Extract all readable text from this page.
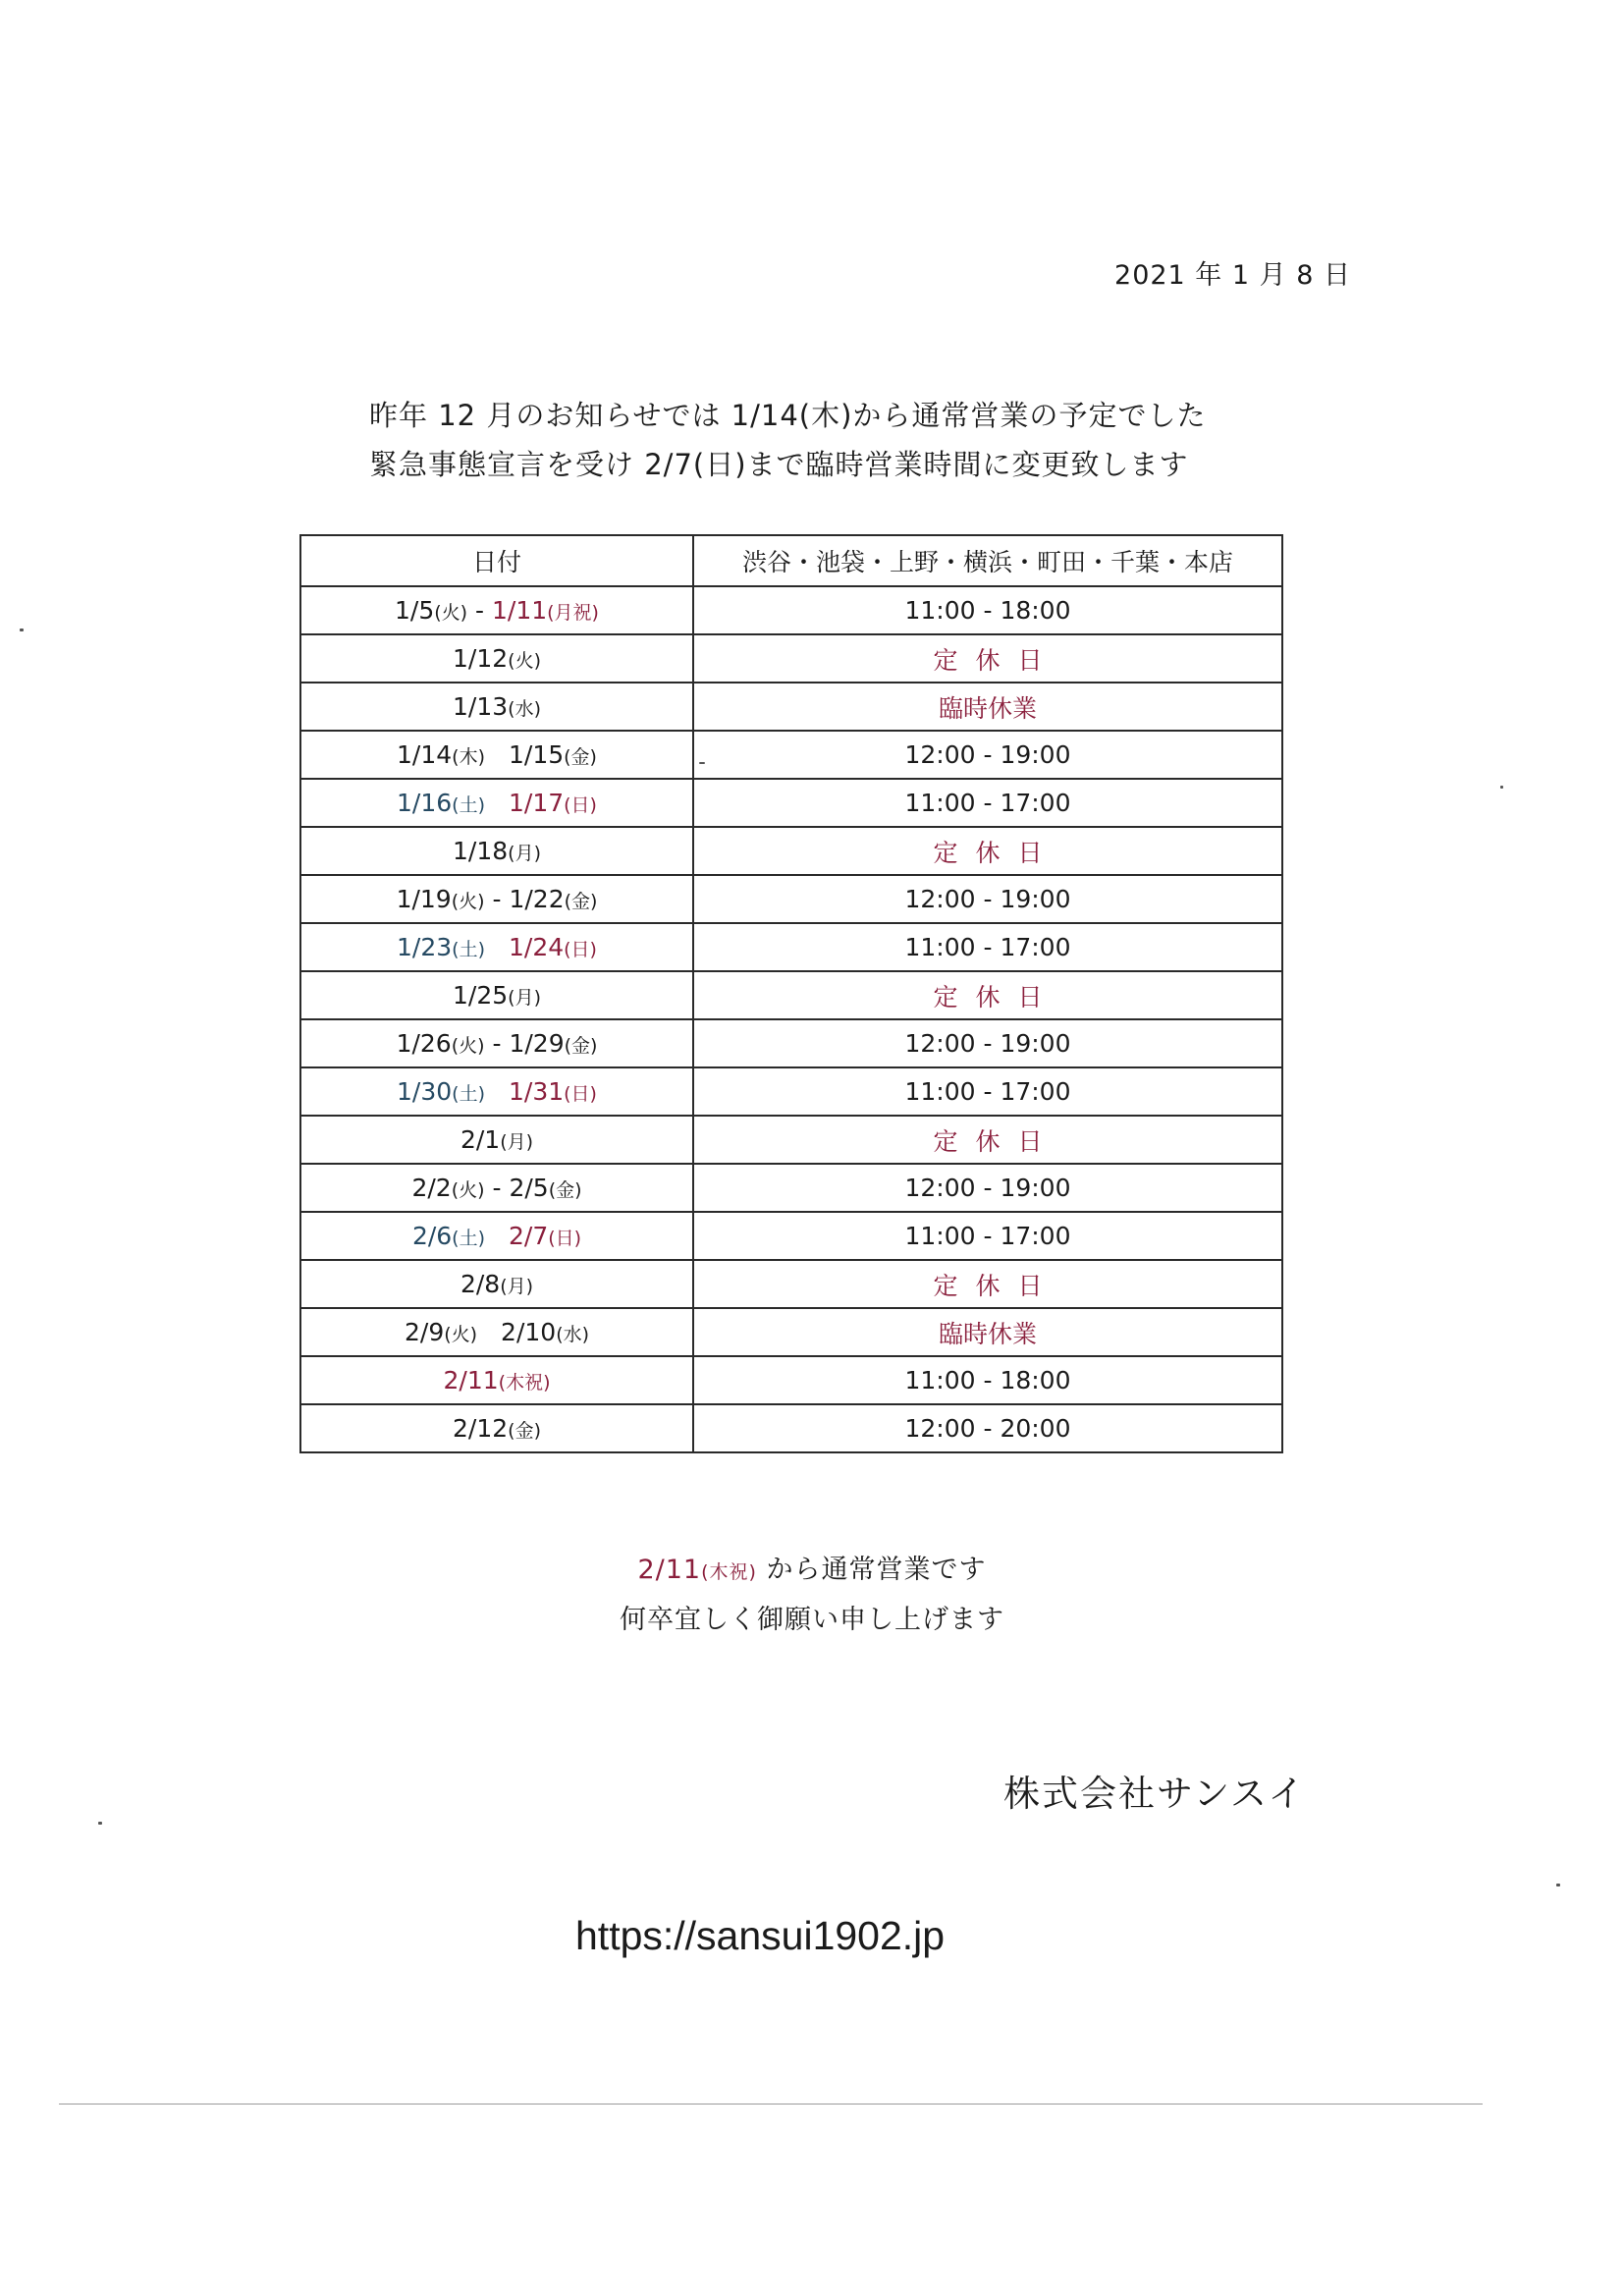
2021 年 1 月 8 日

昨年 12 月のお知らせでは 1/14(木)から通常営業の予定でした

緊急事態宣言を受け 2/7(日)まで臨時営業時間に変更致します

日付	渋谷・池袋・上野・横浜・町田・千葉・本店
1/5(火) - 1/11(月祝)	11:00 - 18:00
1/12(火)	定休日
1/13(水)	臨時休業
1/14(木) 1/15(金)	12:00 - 19:00
1/16(土) 1/17(日)	11:00 - 17:00
1/18(月)	定休日
1/19(火) - 1/22(金)	12:00 - 19:00
1/23(土) 1/24(日)	11:00 - 17:00
1/25(月)	定休日
1/26(火) - 1/29(金)	12:00 - 19:00
1/30(土) 1/31(日)	11:00 - 17:00
2/1(月)	定休日
2/2(火) - 2/5(金)	12:00 - 19:00
2/6(土) 2/7(日)	11:00 - 17:00
2/8(月)	定休日
2/9(火) 2/10(水)	臨時休業
2/11(木祝)	11:00 - 18:00
2/12(金)	12:00 - 20:00
2/11(木祝) から通常営業です
何卒宜しく御願い申し上げます
株式会社サンスイ
https://sansui1902.jp
